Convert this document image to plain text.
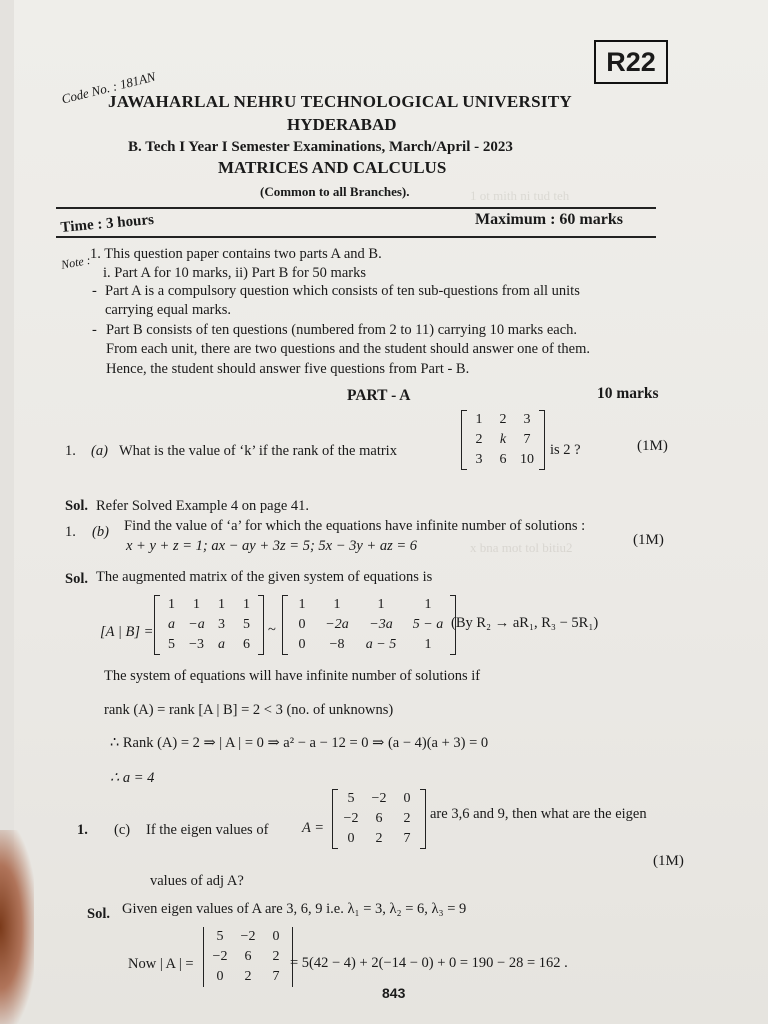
1 ot mith ni tud teh
x bna mot tol bitiu2
R22
Code No. : 181AN
JAWAHARLAL NEHRU TECHNOLOGICAL UNIVERSITY
HYDERABAD
B. Tech I Year I Semester Examinations, March/April - 2023
MATRICES AND CALCULUS
(Common to all Branches).
Time : 3 hours	Maximum : 60 marks
Note :
1. This question paper contains two parts A and B.
i. Part A for 10 marks, ii) Part B for 50 marks
- Part A is a compulsory question which consists of ten sub-questions from all units
carrying equal marks.
- Part B consists of ten questions (numbered from 2 to 11) carrying 10 marks each.
From each unit, there are two questions and the student should answer one of them.
Hence, the student should answer five questions from Part - B.
PART - A	10 marks
1. (a) What is the value of ‘k’ if the rank of the matrix
1	2	3
2	k	7
3	6 10
is 2 ?	(1M)
Sol. Refer Solved Example 4 on page 41.
1. (b) Find the value of ‘a’ for which the equations have infinite number of solutions :
x + y + z = 1; ax − ay + 3z = 5; 5x − 3y + az = 6	(1M)
Sol. The augmented matrix of the given system of equations is
[A | B] =
1	1	1	1
a −a 3	5
5	−3	a	6
~
1	1	1	1
0	−2a	−3a	5 − a
0	−8	a − 5	1
(By R₂ → aR₁, R₃ − 5R₁)
The system of equations will have infinite number of solutions if
rank (A) = rank [A | B] = 2 < 3 (no. of unknowns)
∴ Rank (A) = 2 ⇒ | A | = 0 ⇒ a² − a − 12 = 0 ⇒ (a − 4)(a + 3) = 0
∴ a = 4
1. (c) If the eigen values of A =
5	−2	0
−2	6	2
0	2	7
are 3,6 and 9, then what are the eigen
(1M)
values of adj A?
Sol. Given eigen values of A are 3, 6, 9 i.e. λ₁ = 3, λ₂ = 6, λ₃ = 9
Now | A | =
5	−2	0
−2	6	2
0	2	7
= 5(42 − 4) + 2(−14 − 0) + 0 = 190 − 28 = 162 .
843
